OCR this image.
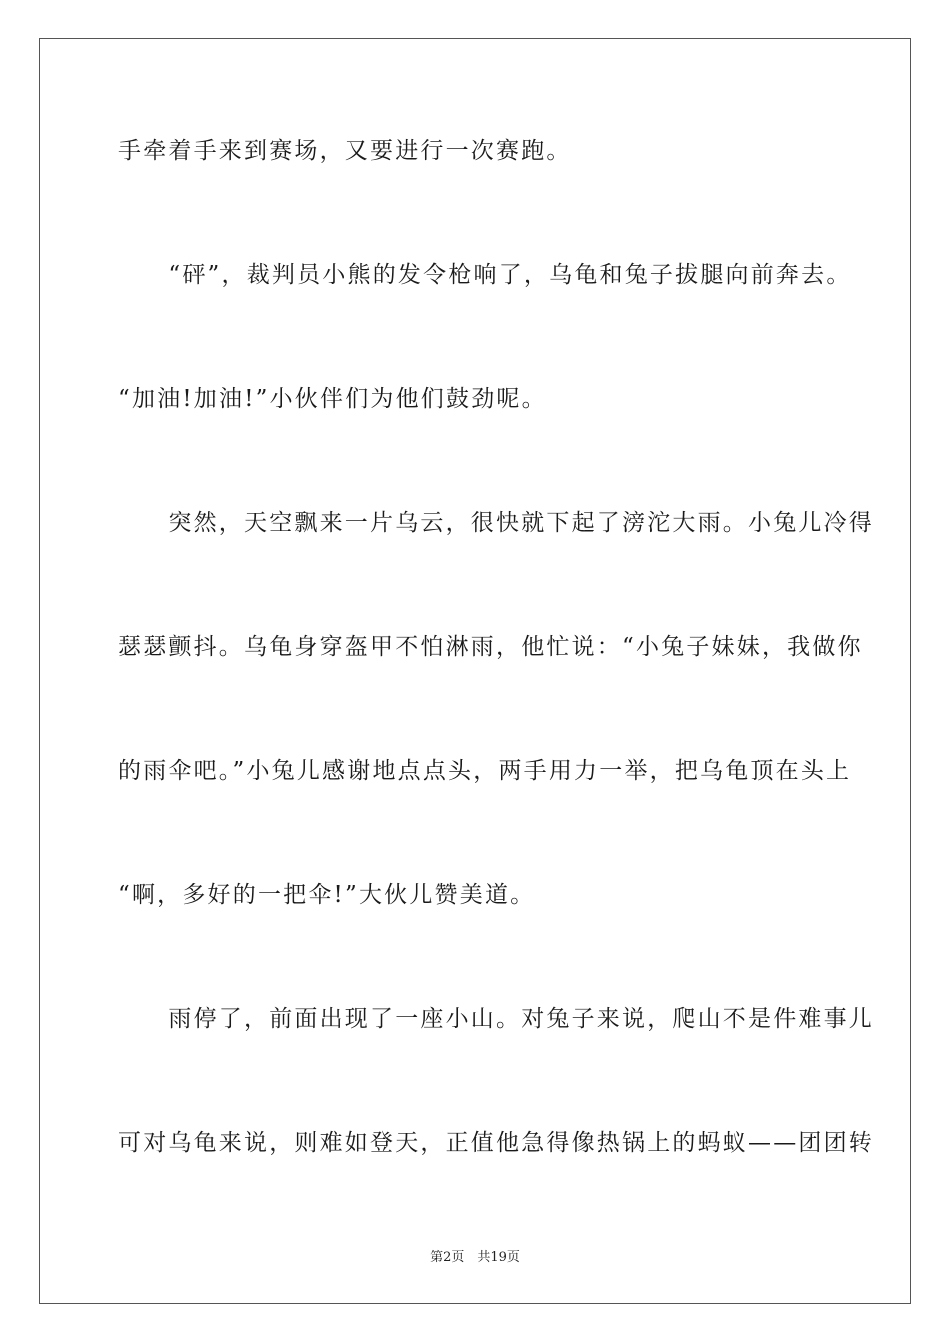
手牵着手来到赛场，又要进行一次赛跑。
　　“砰”，裁判员小熊的发令枪响了，乌龟和兔子拔腿向前奔去。
“加油!加油!”小伙伴们为他们鼓劲呢。
　　突然，天空飘来一片乌云，很快就下起了滂沱大雨。小兔儿冷得
瑟瑟颤抖。乌龟身穿盔甲不怕淋雨，他忙说：“小兔子妹妹，我做你
的雨伞吧。”小兔儿感谢地点点头，两手用力一举，把乌龟顶在头上
“啊，多好的一把伞!”大伙儿赞美道。
　　雨停了，前面出现了一座小山。对兔子来说，爬山不是件难事儿
可对乌龟来说，则难如登天，正值他急得像热锅上的蚂蚁——团团转
第2页　共19页
